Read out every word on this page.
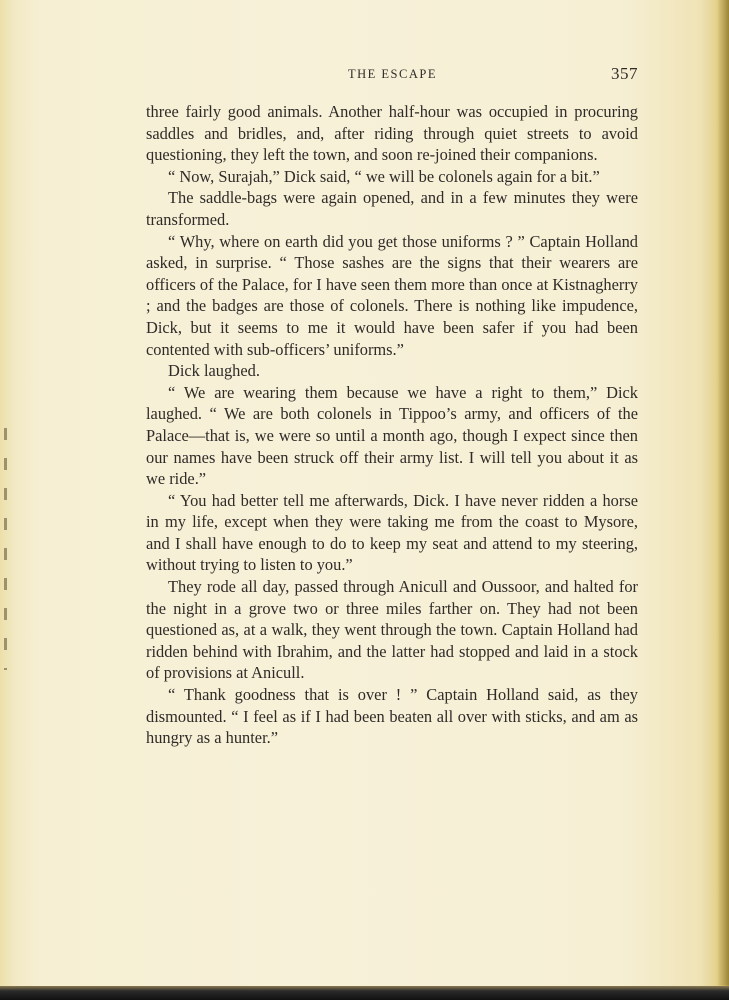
THE ESCAPE	357

three fairly good animals. Another half-hour was occupied in procuring saddles and bridles, and, after riding through quiet streets to avoid questioning, they left the town, and soon re-joined their companions.

“ Now, Surajah,” Dick said, “ we will be colonels again for a bit.”

The saddle-bags were again opened, and in a few minutes they were transformed.

“ Why, where on earth did you get those uniforms ? ” Captain Holland asked, in surprise. “ Those sashes are the signs that their wearers are officers of the Palace, for I have seen them more than once at Kistnagherry ; and the badges are those of colonels. There is nothing like impudence, Dick, but it seems to me it would have been safer if you had been contented with sub-officers’ uniforms.”

Dick laughed.

“ We are wearing them because we have a right to them,” Dick laughed. “ We are both colonels in Tippoo’s army, and officers of the Palace—that is, we were so until a month ago, though I expect since then our names have been struck off their army list. I will tell you about it as we ride.”

“ You had better tell me afterwards, Dick. I have never ridden a horse in my life, except when they were taking me from the coast to Mysore, and I shall have enough to do to keep my seat and attend to my steering, without trying to listen to you.”

They rode all day, passed through Anicull and Oussoor, and halted for the night in a grove two or three miles farther on. They had not been questioned as, at a walk, they went through the town. Captain Holland had ridden behind with Ibrahim, and the latter had stopped and laid in a stock of provisions at Anicull.

“ Thank goodness that is over ! ” Captain Holland said, as they dismounted. “ I feel as if I had been beaten all over with sticks, and am as hungry as a hunter.”
